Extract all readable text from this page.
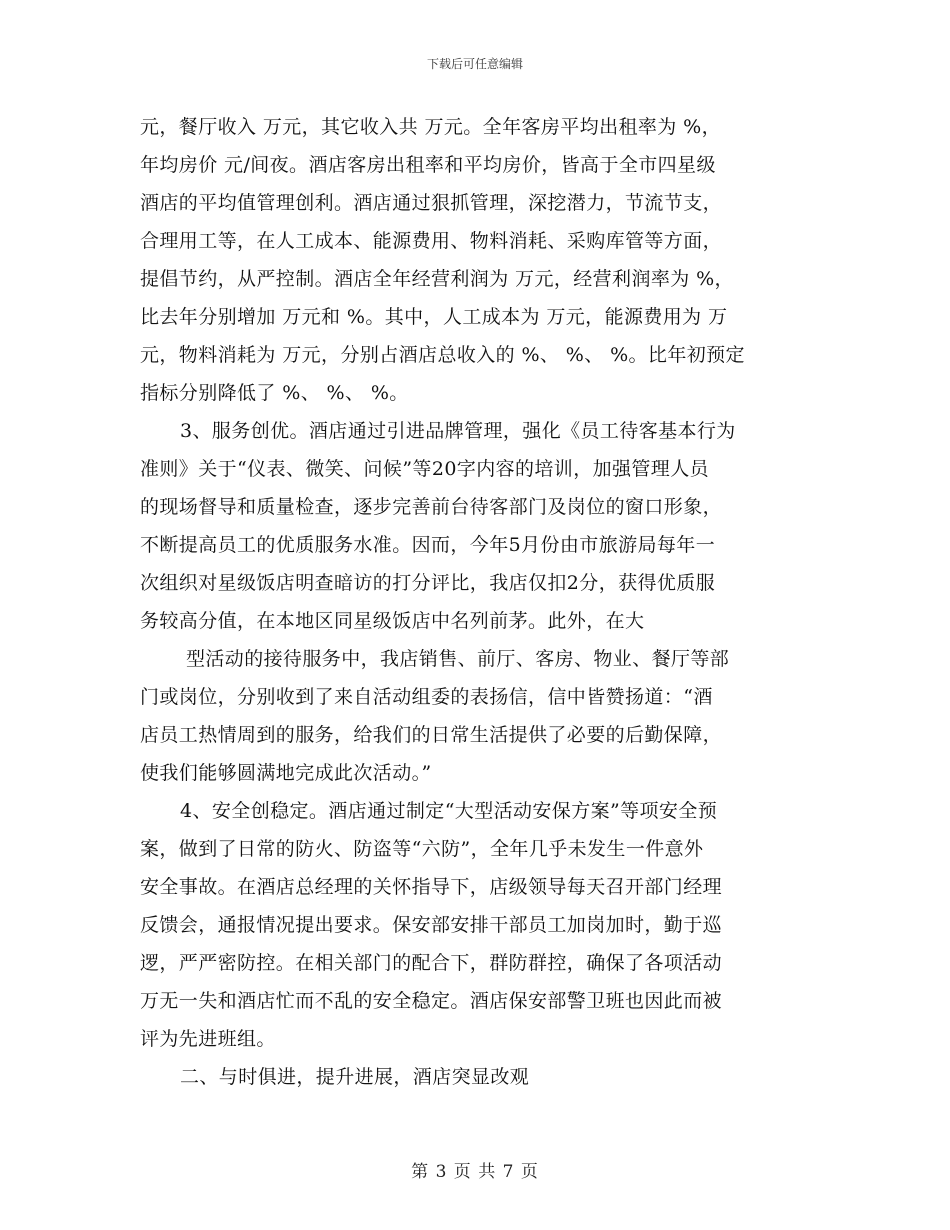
下载后可任意编辑
元，餐厅收入 万元，其它收入共 万元。全年客房平均出租率为 %，
年均房价 元/间夜。酒店客房出租率和平均房价，皆高于全市四星级
酒店的平均值管理创利。酒店通过狠抓管理，深挖潜力，节流节支，
合理用工等，在人工成本、能源费用、物料消耗、采购库管等方面，
提倡节约，从严控制。酒店全年经营利润为 万元，经营利润率为 %，
比去年分别增加 万元和 %。其中，人工成本为 万元，能源费用为 万
元，物料消耗为 万元，分别占酒店总收入的 %、 %、 %。比年初预定
指标分别降低了 %、 %、 %。
3、服务创优。酒店通过引进品牌管理，强化《员工待客基本行为
准则》关于“仪表、微笑、问候”等20字内容的培训，加强管理人员
的现场督导和质量检查，逐步完善前台待客部门及岗位的窗口形象，
不断提高员工的优质服务水准。因而，今年5月份由市旅游局每年一
次组织对星级饭店明查暗访的打分评比，我店仅扣2分，获得优质服
务较高分值，在本地区同星级饭店中名列前茅。此外，在大
型活动的接待服务中，我店销售、前厅、客房、物业、餐厅等部
门或岗位，分别收到了来自活动组委的表扬信，信中皆赞扬道：“酒
店员工热情周到的服务，给我们的日常生活提供了必要的后勤保障，
使我们能够圆满地完成此次活动。”
4、安全创稳定。酒店通过制定“大型活动安保方案”等项安全预
案，做到了日常的防火、防盗等“六防”，全年几乎未发生一件意外
安全事故。在酒店总经理的关怀指导下，店级领导每天召开部门经理
反馈会，通报情况提出要求。保安部安排干部员工加岗加时，勤于巡
逻，严严密防控。在相关部门的配合下，群防群控，确保了各项活动
万无一失和酒店忙而不乱的安全稳定。酒店保安部警卫班也因此而被
评为先进班组。
二、与时俱进，提升进展，酒店突显改观
第 3 页 共 7 页
